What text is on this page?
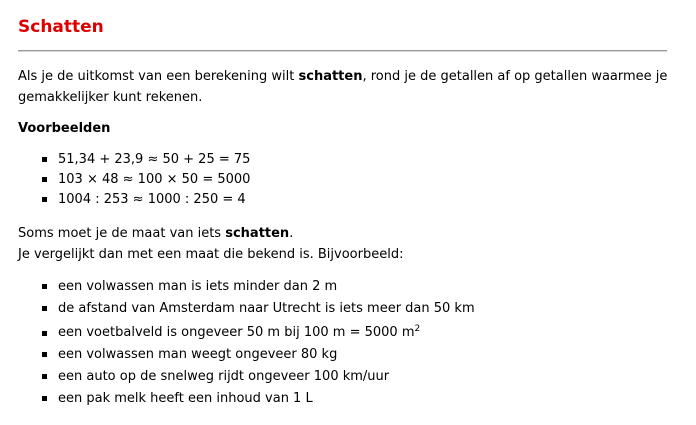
Schatten

Als je de uitkomst van een berekening wilt schatten, rond je de getallen af op getallen waarmee je gemakkelijker kunt rekenen.

Voorbeelden
51,34 + 23,9 ≈ 50 + 25 = 75
103 × 48 ≈ 100 × 50 = 5000
1004 : 253 ≈ 1000 : 250 = 4

Soms moet je de maat van iets schatten.
Je vergelijkt dan met een maat die bekend is. Bijvoorbeeld:

een volwassen man is iets minder dan 2 m
de afstand van Amsterdam naar Utrecht is iets meer dan 50 km
een voetbalveld is ongeveer 50 m bij 100 m = 5000 $m^2$
een volwassen man weegt ongeveer 80 kg
een auto op de snelweg rijdt ongeveer 100 km/uur
een pak melk heeft een inhoud van 1 L
